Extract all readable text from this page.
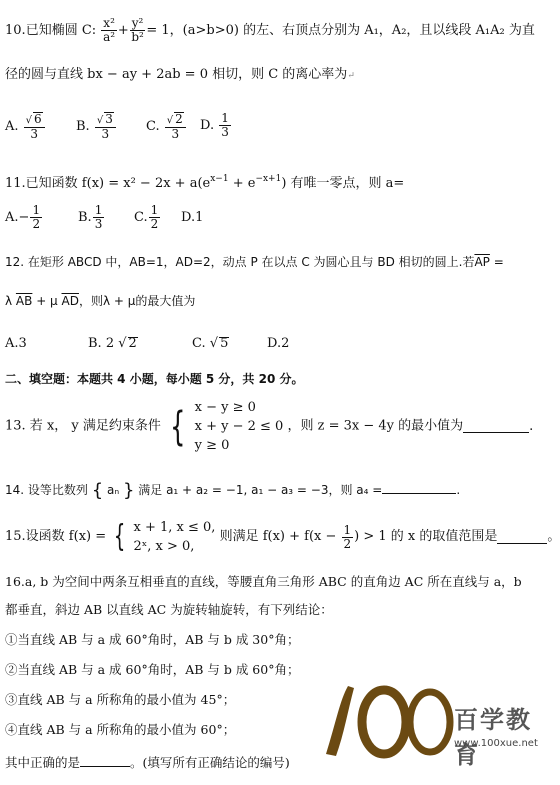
10.已知椭圆 C: $\frac{\text{x²}}{\text{a²}} + \frac{\text{y²}}{\text{b²}} = 1$，(a>b>0) 的左、右顶点分别为 A₁，A₂，且以线段 A₁A₂ 为直
径的圆与直线 bx − ay + 2ab = 0 相切，则 C 的离心率为↵
A. $\frac{√ 6}{3} B$. $\frac{√ 3}{3} C$. $\frac{√ 2}{3} D$. $\frac{1}{3}$
11.已知函数 $f(x) = x^2 - 2x + a(e^{x-1} + e^{-x+1})$ 有唯一零点，则 a=
$A.- \frac{1}{2}$	B. $\frac{1}{3} C$. $\frac{1}{2} D.1$
12. 在矩形 ABCD 中，AB=1，AD=2，动点 P 在以点 C 为圆心且与 BD 相切的圆上.若$\overline{AP}$ =
λ $\overline{AB} + \mu$ $\overline{AD}$，则λ + μ的最大值为
A.3	B. 2 √ 2	C. √ 5	D.2
二、填空题：本题共 4 小题，每小题 5 分，共 20 分。
13. 若 x， y 满足约束条件 { x − y ≥ 0
x + y − 2 ≤ 0
y ≥ 0
，则 z = 3x − 4y 的最小值为	.
14. 设等比数列 { aₙ } 满足 a₁ + a₂ = −1, a₁ − a₃ = −3，则 a₄ =	.
15.设函数 f(x) = { x + 1, x ≤ 0,
2ˣ, x > 0,
则满足 $f(x) + f(x - \frac{1}{2}$ ) > 1 的 x 的取值范围是	。
16.a, b 为空间中两条互相垂直的直线，等腰直角三角形 ABC 的直角边 AC 所在直线与 a，b
都垂直，斜边 AB 以直线 AC 为旋转轴旋转，有下列结论：
①当直线 AB 与 a 成 60°角时，AB 与 b 成 30°角；
②当直线 AB 与 a 成 60°角时，AB 与 b 成 60°角；
③直线 AB 与 a 所称角的最小值为 45°；
④直线 AB 与 a 所称角的最小值为 60°；
其中正确的是	。(填写所有正确结论的编号)
百学教育
www.100xue.net
